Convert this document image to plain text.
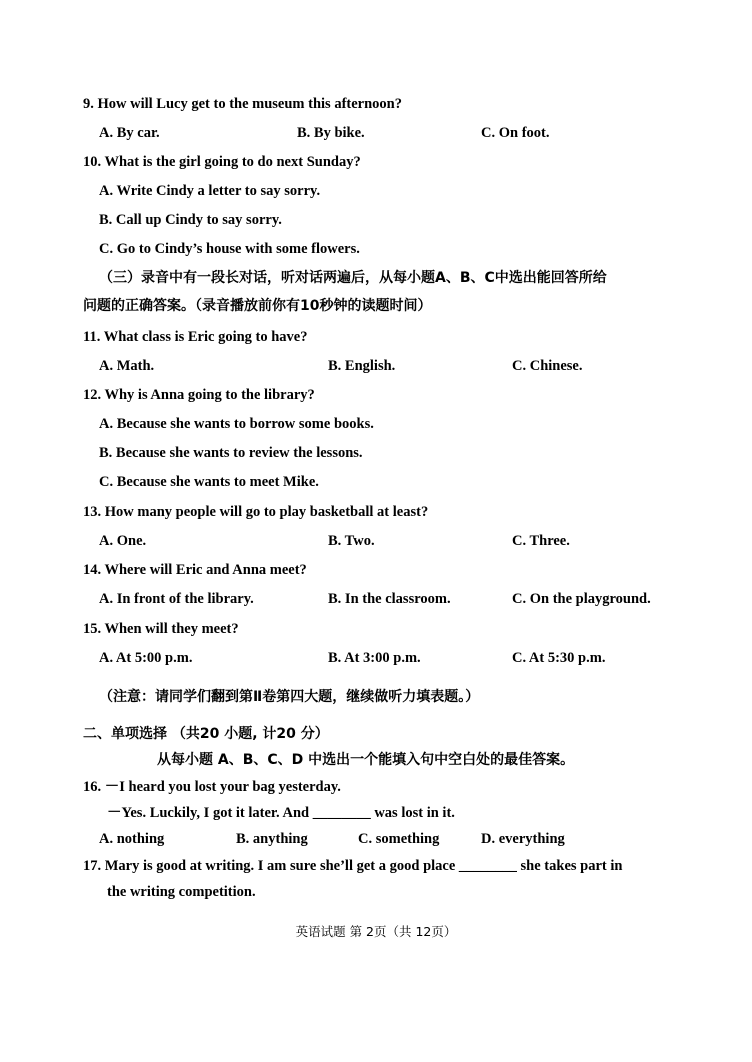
9. How will Lucy get to the museum this afternoon?
A. By car.	B. By bike.	C. On foot.
10. What is the girl going to do next Sunday?
A. Write Cindy a letter to say sorry.
B. Call up Cindy to say sorry.
C. Go to Cindy’s house with some flowers.
（三）录音中有一段长对话，听对话两遍后，从每小题A、B、C中选出能回答所给
问题的正确答案。（录音播放前你有10秒钟的读题时间）
11. What class is Eric going to have?
A. Math.	B. English.	C. Chinese.
12. Why is Anna going to the library?
A. Because she wants to borrow some books.
B. Because she wants to review the lessons.
C. Because she wants to meet Mike.
13. How many people will go to play basketball at least?
A. One.	B. Two.	C. Three.
14. Where will Eric and Anna meet?
A. In front of the library.	B. In the classroom.	C. On the playground.
15. When will they meet?
A. At 5:00 p.m.	B. At 3:00 p.m.	C. At 5:30 p.m.
（注意：请同学们翻到第Ⅱ卷第四大题，继续做听力填表题。）
二、单项选择 （共20 小题, 计20 分）
从每小题 A、B、C、D 中选出一个能填入句中空白处的最佳答案。
16. －I heard you lost your bag yesterday.
－Yes. Luckily, I got it later. And ________ was lost in it.
A. nothing	B. anything	C. something	D. everything
17. Mary is good at writing. I am sure she’ll get a good place ________ she takes part in
the writing competition.
英语试题 第 2页（共 12页）
